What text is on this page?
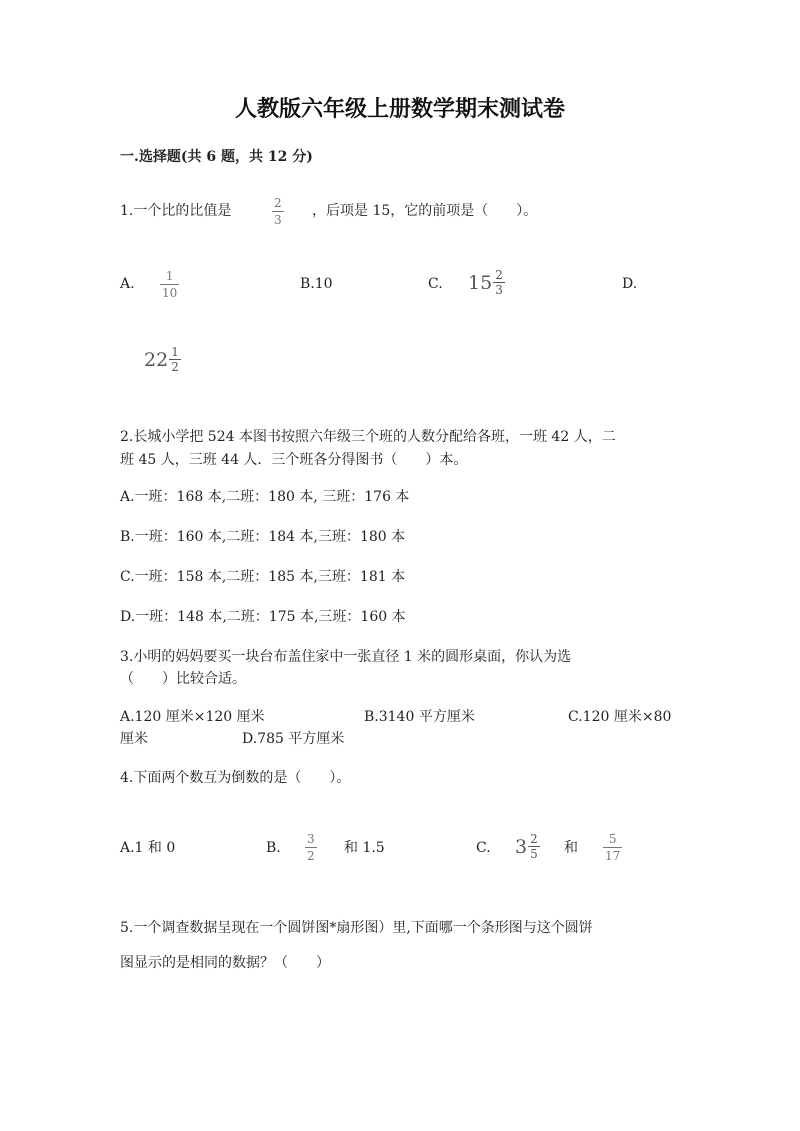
人教版六年级上册数学期末测试卷
一.选择题(共 6 题，共 12 分)
1.一个比的比值是	$\frac{2}{3}$ ，后项是 15，它的前项是（　　）。
A. $\frac{1}{10}$	B.10	C. $15 \frac{2}{3}$	D.
$22 \frac{1}{2}$
2.长城小学把 524 本图书按照六年级三个班的人数分配给各班，一班 42 人，二
班 45 人，三班 44 人．三个班各分得图书（　　）本。
A.一班：168 本,二班：180 本, 三班：176 本
B.一班：160 本,二班：184 本,三班：180 本
C.一班：158 本,二班：185 本,三班：181 本
D.一班：148 本,二班：175 本,三班：160 本
3.小明的妈妈要买一块台布盖住家中一张直径 1 米的圆形桌面，你认为选
（　　）比较合适。
A.120 厘米×120 厘米	B.3140 平方厘米	C.120 厘米×80
厘米	D.785 平方厘米
4.下面两个数互为倒数的是（　　）。
A.1 和 0	B. $\frac{3}{2}$ 和 1.5	C. $3 \frac{2}{5}$ 和 $\frac{5}{17}$
5.一个调查数据呈现在一个圆饼图*扇形图）里,下面哪一个条形图与这个圆饼
图显示的是相同的数据？（　　）
